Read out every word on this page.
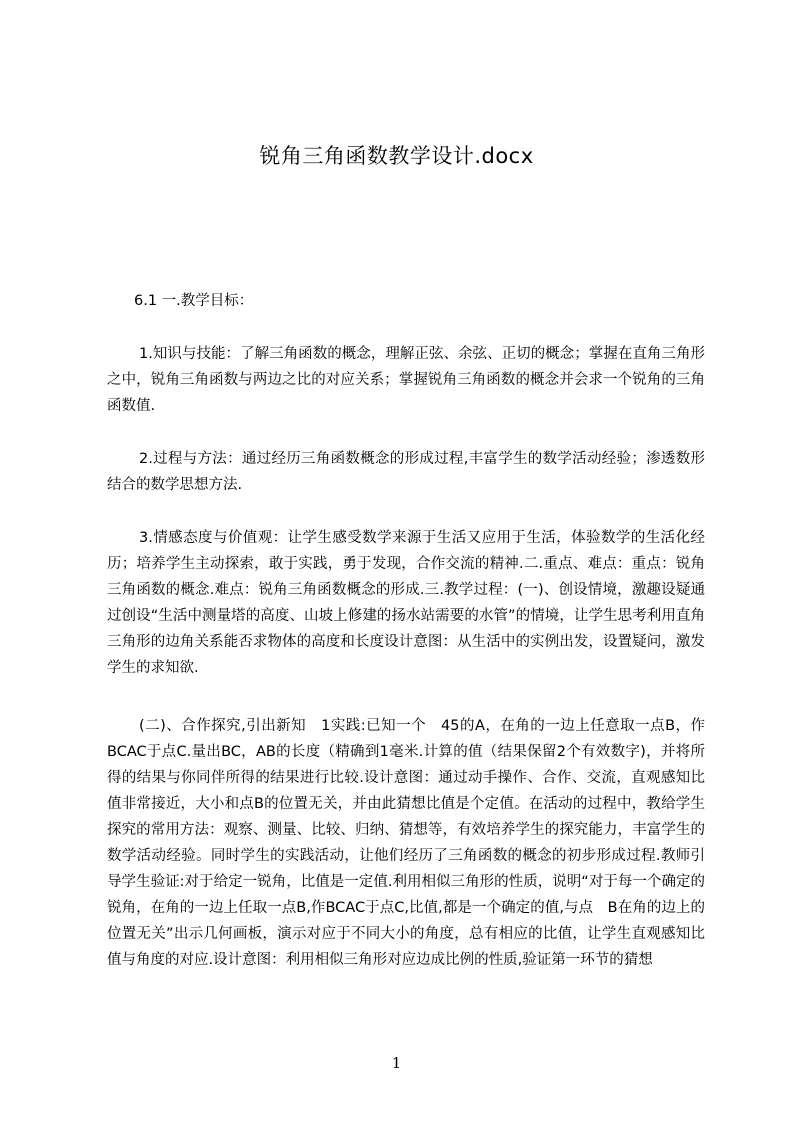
锐角三角函数教学设计.docx
6.1 一.教学目标：

1.知识与技能：了解三角函数的概念，理解正弦、余弦、正切的概念；掌握在直角三角形之中，锐角三角函数与两边之比的对应关系；掌握锐角三角函数的概念并会求一个锐角的三角函数值.

2.过程与方法：通过经历三角函数概念的形成过程,丰富学生的数学活动经验；渗透数形结合的数学思想方法.

3.情感态度与价值观：让学生感受数学来源于生活又应用于生活，体验数学的生活化经历；培养学生主动探索，敢于实践，勇于发现，合作交流的精神.二.重点、难点：重点：锐角三角函数的概念.难点：锐角三角函数概念的形成.三.教学过程：(一)、创设情境，激趣设疑通过创设“生活中测量塔的高度、山坡上修建的扬水站需要的水管”的情境，让学生思考利用直角三角形的边角关系能否求物体的高度和长度设计意图：从生活中的实例出发，设置疑问，激发学生的求知欲.

(二)、合作探究,引出新知　1实践:已知一个　45的A，在角的一边上任意取一点B，作BCAC于点C.量出BC，AB的长度（精确到1毫米.计算的值（结果保留2个有效数字)，并将所得的结果与你同伴所得的结果进行比较.设计意图：通过动手操作、合作、交流，直观感知比值非常接近，大小和点B的位置无关，并由此猜想比值是个定值。在活动的过程中，教给学生探究的常用方法：观察、测量、比较、归纳、猜想等，有效培养学生的探究能力，丰富学生的数学活动经验。同时学生的实践活动，让他们经历了三角函数的概念的初步形成过程.教师引导学生验证:对于给定一锐角，比值是一定值.利用相似三角形的性质，说明“对于每一个确定的锐角，在角的一边上任取一点B,作BCAC于点C,比值,都是一个确定的值,与点　B在角的边上的位置无关”出示几何画板，演示对应于不同大小的角度，总有相应的比值，让学生直观感知比值与角度的对应.设计意图：利用相似三角形对应边成比例的性质,验证第一环节的猜想

1
